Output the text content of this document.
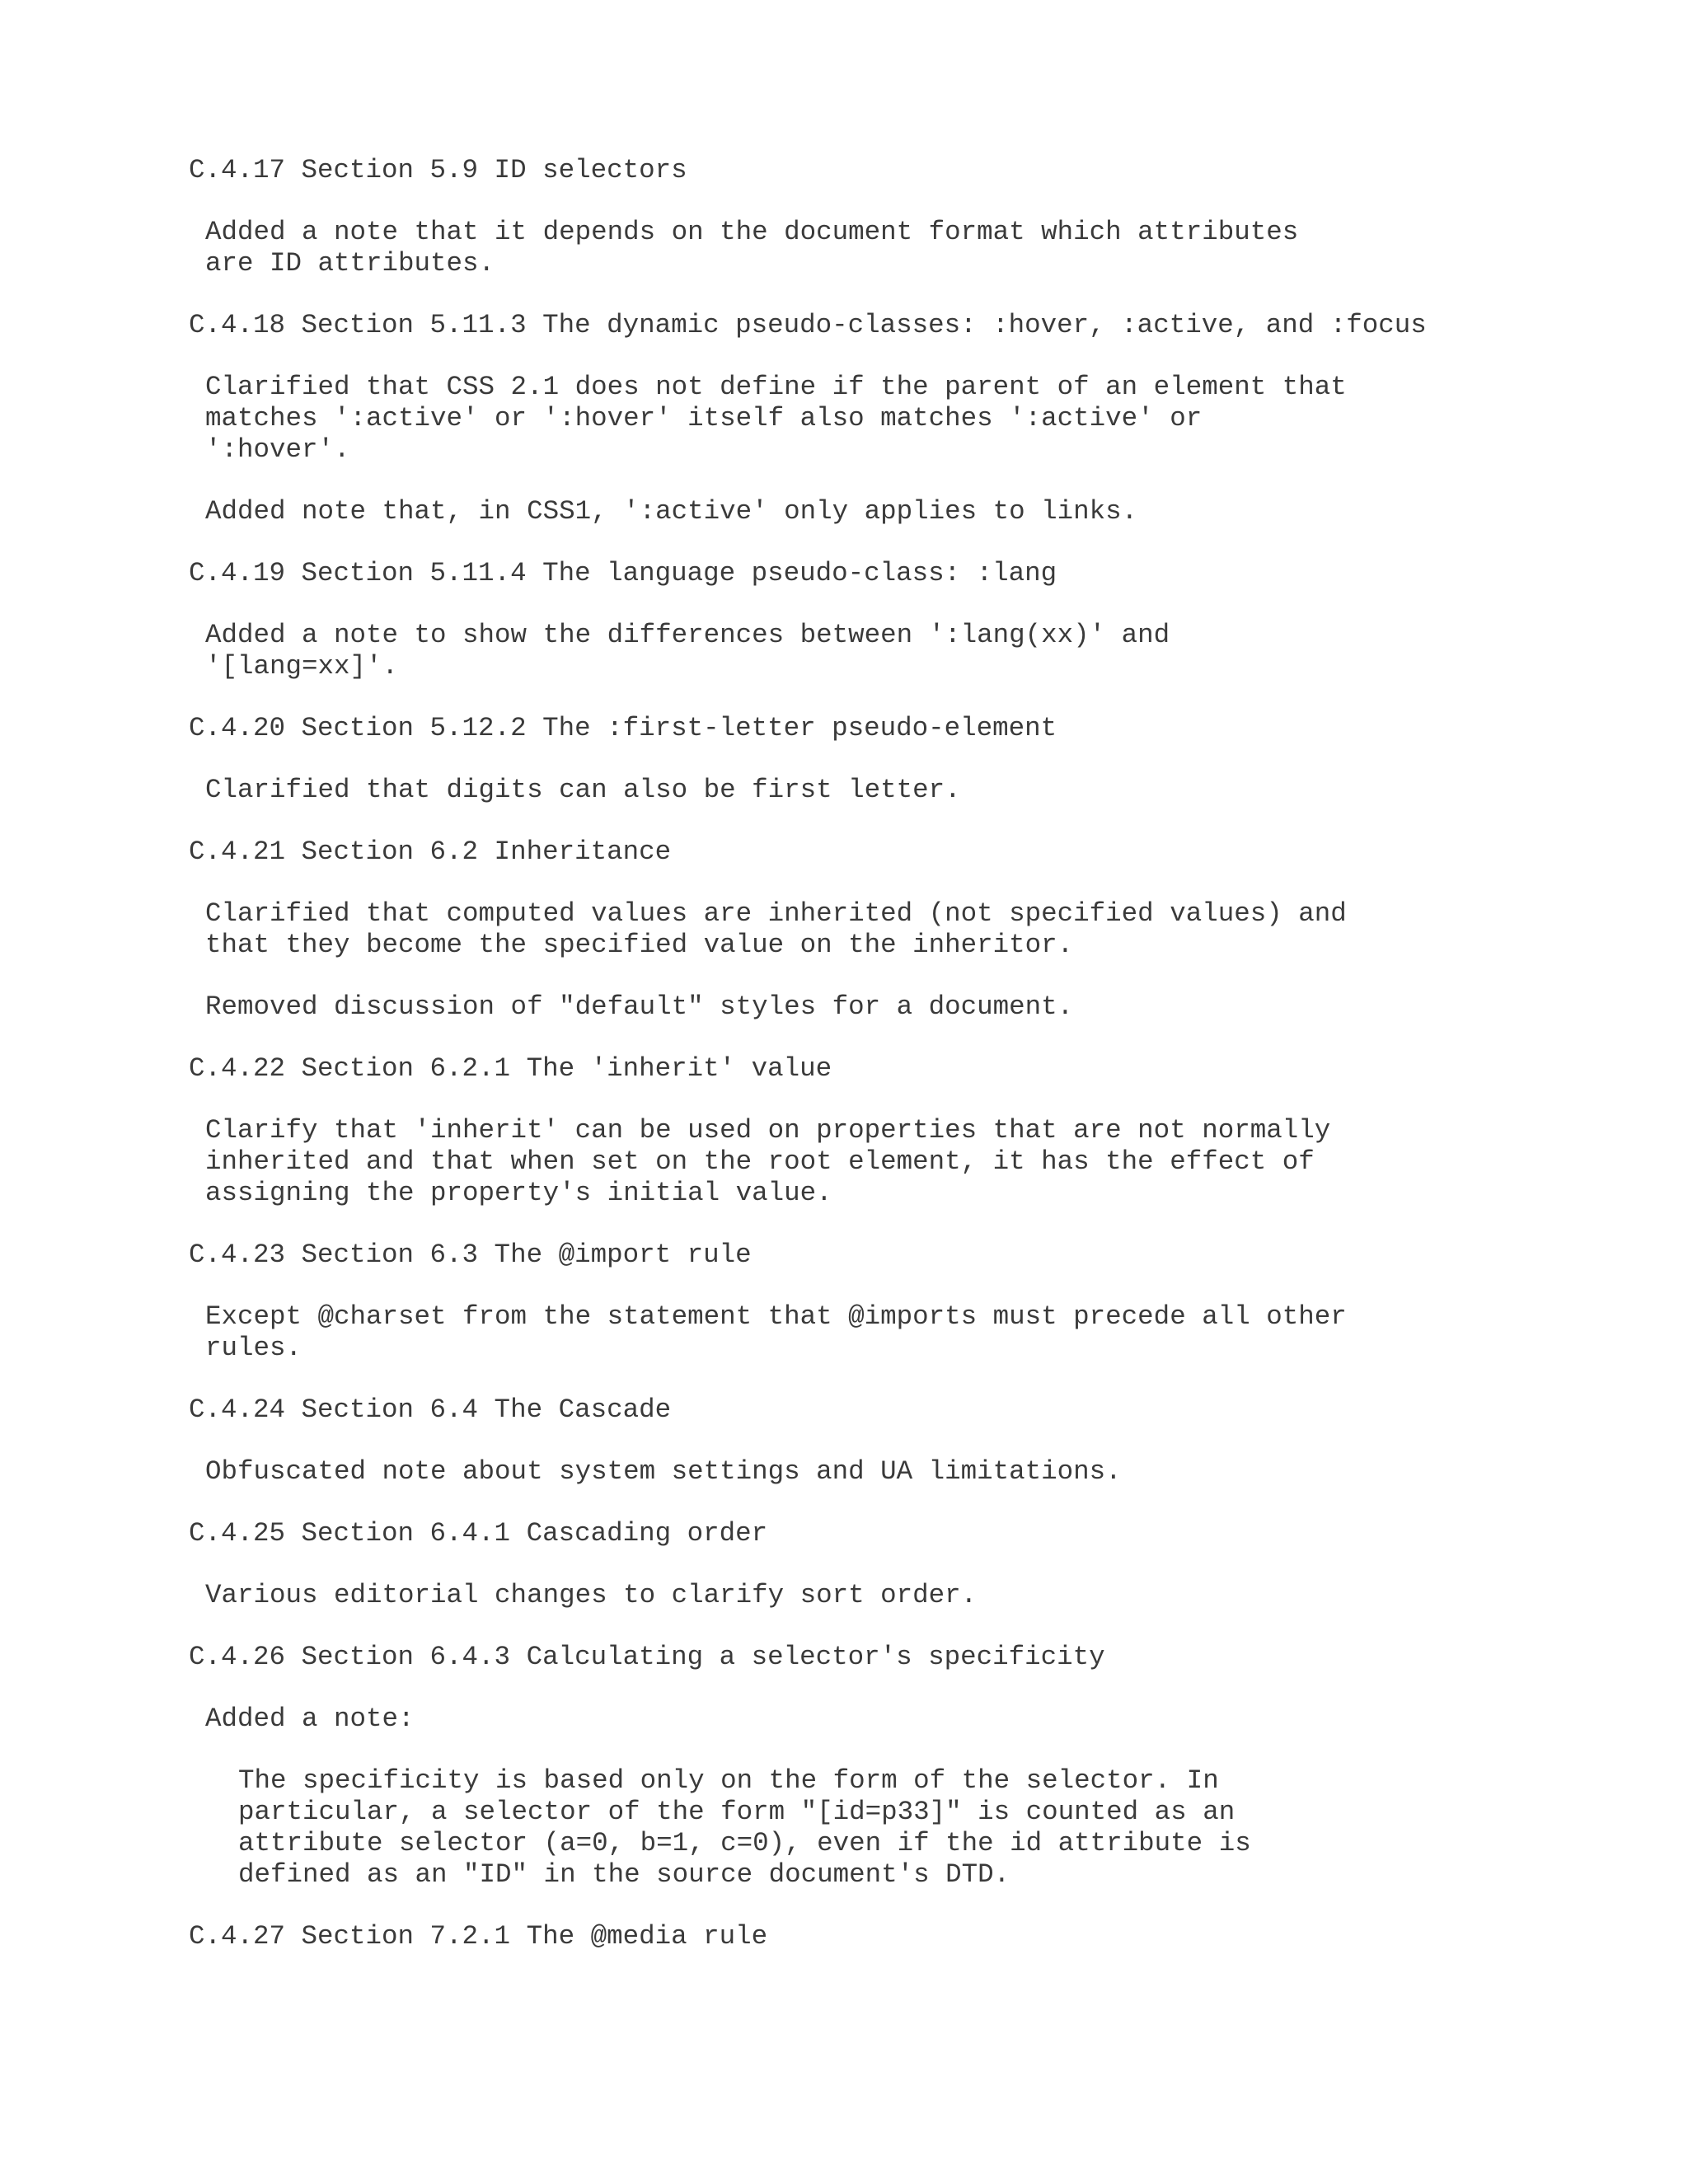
C.4.17 Section 5.9 ID selectors
Added a note that it depends on the document format which attributes
are ID attributes.
C.4.18 Section 5.11.3 The dynamic pseudo-classes: :hover, :active, and :focus
Clarified that CSS 2.1 does not define if the parent of an element that
matches ':active' or ':hover' itself also matches ':active' or
':hover'.
Added note that, in CSS1, ':active' only applies to links.
C.4.19 Section 5.11.4 The language pseudo-class: :lang
Added a note to show the differences between ':lang(xx)' and
'[lang=xx]'.
C.4.20 Section 5.12.2 The :first-letter pseudo-element
Clarified that digits can also be first letter.
C.4.21 Section 6.2 Inheritance
Clarified that computed values are inherited (not specified values) and
that they become the specified value on the inheritor.
Removed discussion of "default" styles for a document.
C.4.22 Section 6.2.1 The 'inherit' value
Clarify that 'inherit' can be used on properties that are not normally
inherited and that when set on the root element, it has the effect of
assigning the property's initial value.
C.4.23 Section 6.3 The @import rule
Except @charset from the statement that @imports must precede all other
rules.
C.4.24 Section 6.4 The Cascade
Obfuscated note about system settings and UA limitations.
C.4.25 Section 6.4.1 Cascading order
Various editorial changes to clarify sort order.
C.4.26 Section 6.4.3 Calculating a selector's specificity
Added a note:
The specificity is based only on the form of the selector. In
particular, a selector of the form "[id=p33]" is counted as an
attribute selector (a=0, b=1, c=0), even if the id attribute is
defined as an "ID" in the source document's DTD.
C.4.27 Section 7.2.1 The @media rule
